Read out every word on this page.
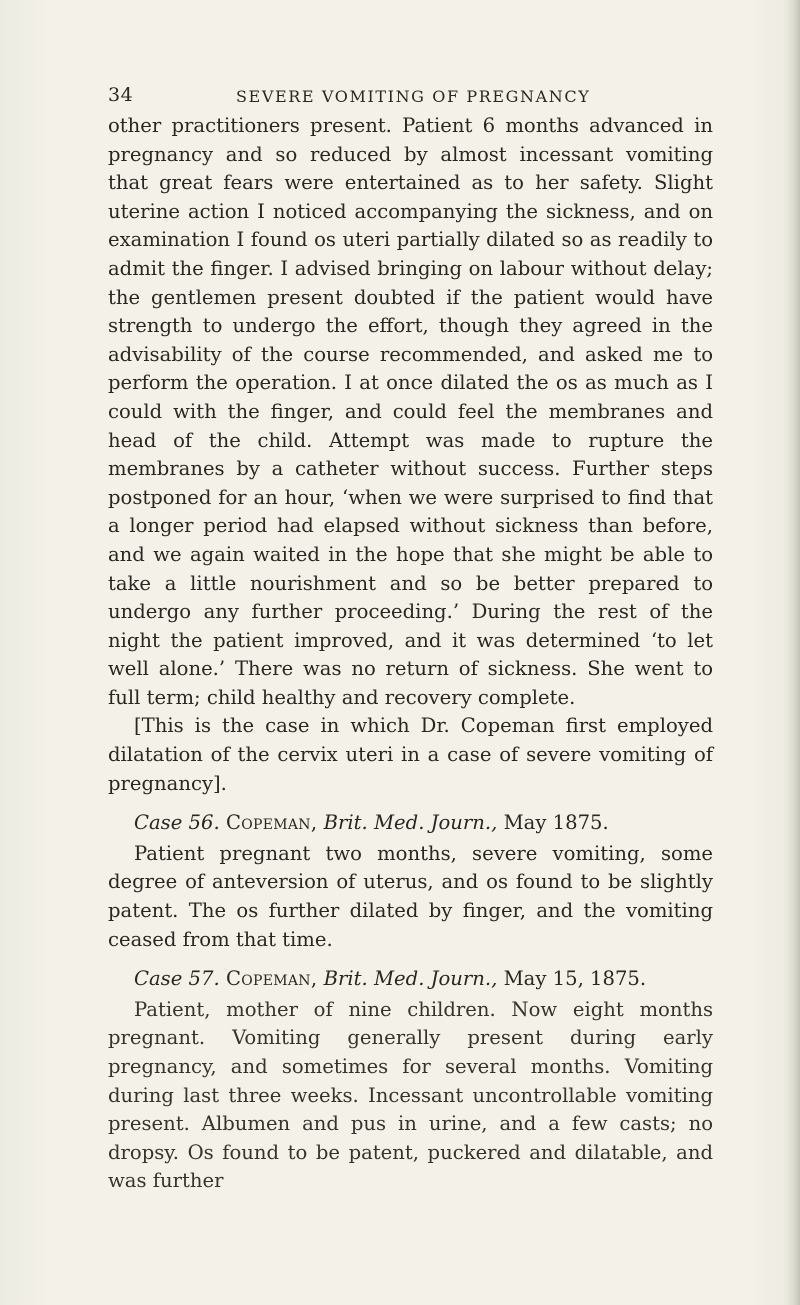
34	SEVERE VOMITING OF PREGNANCY

other practitioners present. Patient 6 months advanced in pregnancy and so reduced by almost incessant vomiting that great fears were entertained as to her safety. Slight uterine action I noticed accompanying the sickness, and on examination I found os uteri partially dilated so as readily to admit the finger. I advised bringing on labour without delay; the gentlemen present doubted if the patient would have strength to undergo the effort, though they agreed in the advisability of the course recommended, and asked me to perform the operation. I at once dilated the os as much as I could with the finger, and could feel the membranes and head of the child. Attempt was made to rupture the membranes by a catheter without success. Further steps postponed for an hour, ‘when we were surprised to find that a longer period had elapsed without sickness than before, and we again waited in the hope that she might be able to take a little nourishment and so be better prepared to undergo any further proceeding.’ During the rest of the night the patient improved, and it was determined ‘to let well alone.’ There was no return of sickness. She went to full term; child healthy and recovery complete.

[This is the case in which Dr. Copeman first employed dilatation of the cervix uteri in a case of severe vomiting of pregnancy].

Case 56. Copeman, Brit. Med. Journ., May 1875.

Patient pregnant two months, severe vomiting, some degree of anteversion of uterus, and os found to be slightly patent. The os further dilated by finger, and the vomiting ceased from that time.

Case 57. Copeman, Brit. Med. Journ., May 15, 1875.

Patient, mother of nine children. Now eight months pregnant. Vomiting generally present during early pregnancy, and sometimes for several months. Vomiting during last three weeks. Incessant uncontrollable vomiting present. Albumen and pus in urine, and a few casts; no dropsy. Os found to be patent, puckered and dilatable, and was further
